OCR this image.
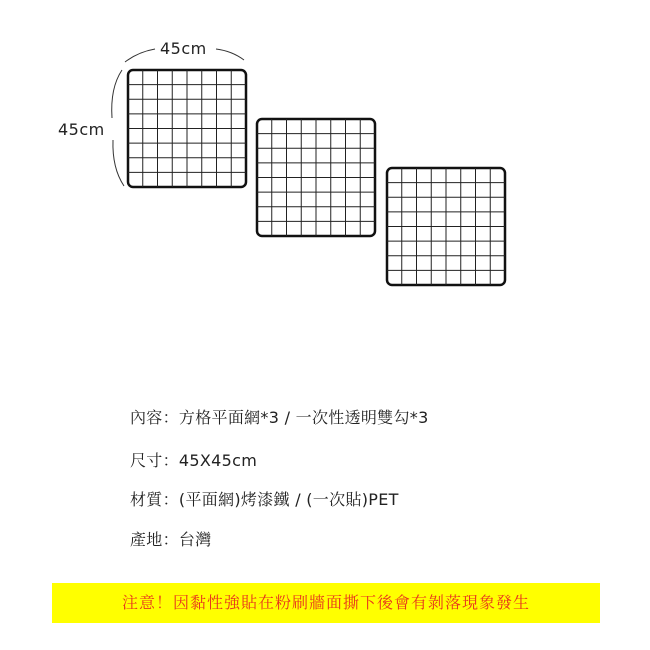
45cm
45cm
內容：方格平面網*3 / 一次性透明雙勾*3
尺寸：45X45cm
材質：(平面網)烤漆鐵 / (一次貼)PET
產地：台灣
注意！因黏性強貼在粉刷牆面撕下後會有剝落現象發生
